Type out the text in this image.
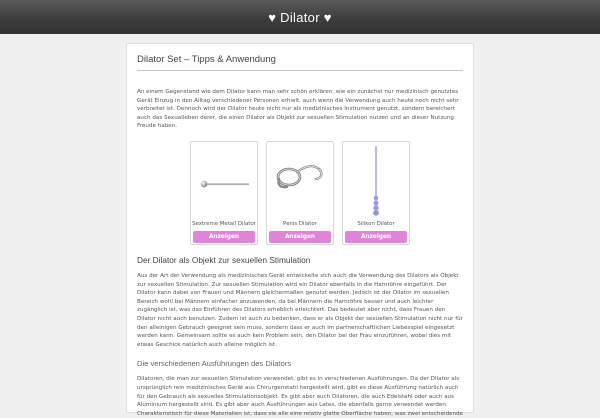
♥ Dilator ♥
Dilator Set – Tipps & Anwendung

An einem Gegenstand wie dem Dilator kann man sehr schön erklären, wie ein zunächst nur medizinisch genutztes Gerät Einzug in den Alltag verschiedener Personen erhielt, auch wenn die Verwendung auch heute noch nicht sehr verbreitet ist. Dennoch wird der Dilator heute nicht nur als medizinisches Instrument genutzt, sondern bereichert auch das Sexualleben derer, die einen Dilator als Objekt zur sexuellen Stimulation nutzen und an dieser Nutzung Freude haben.

Sextreme Metall Dilator
Anzeigen
Penis Dilator
Anzeigen
Silikon Dilator
Anzeigen
Der Dilator als Objekt zur sexuellen Stimulation

Aus der Art der Verwendung als medizinisches Gerät entwickelte sich auch die Verwendung des Dilators als Objekt zur sexuellen Stimulation. Zur sexuellen Stimulation wird ein Dilator ebenfalls in die Harnröhre eingeführt. Der Dilator kann dabei von Frauen und Männern gleichermaßen genutzt werden. Jedoch ist der Dilator im sexuellen Bereich wohl bei Männern einfacher anzuwenden, da bei Männern die Harnröhre besser und auch leichter zugänglich ist, was das Einführen des Dilators erheblich erleichtert. Das bedeutet aber nicht, dass Frauen den Dilator nicht auch benutzen. Zudem ist auch zu bedenken, dass er als Objekt der sexuellen Stimulation nicht nur für den alleinigen Gebrauch geeignet sein muss, sondern dass er auch im partnerschaftlichen Liebesspiel eingesetzt werden kann. Gemeinsam sollte es auch kein Problem sein, den Dilator bei der Frau einzuführen, wobei dies mit etwas Geschick natürlich auch alleine möglich ist.

Die verschiedenen Ausführungen des Dilators

Dilatoren, die man zur sexuellen Stimulation verwendet, gibt es in verschiedenen Ausführungen. Da der Dilator als ursprünglich rein medizinisches Gerät aus Chirurgenstahl hergestellt wird, gibt es diese Ausführung natürlich auch für den Gebrauch als sexuelles Stimulationsobjekt. Es gibt aber auch Dilatoren, die auch Edelstahl oder auch aus Aluminium hergestellt sind. Es gibt aber auch Ausführungen aus Latex, die ebenfalls gerne verwendet werden. Charakteristisch für diese Materialien ist, dass sie alle eine relativ glatte Oberfläche haben, was zwei entscheidende
